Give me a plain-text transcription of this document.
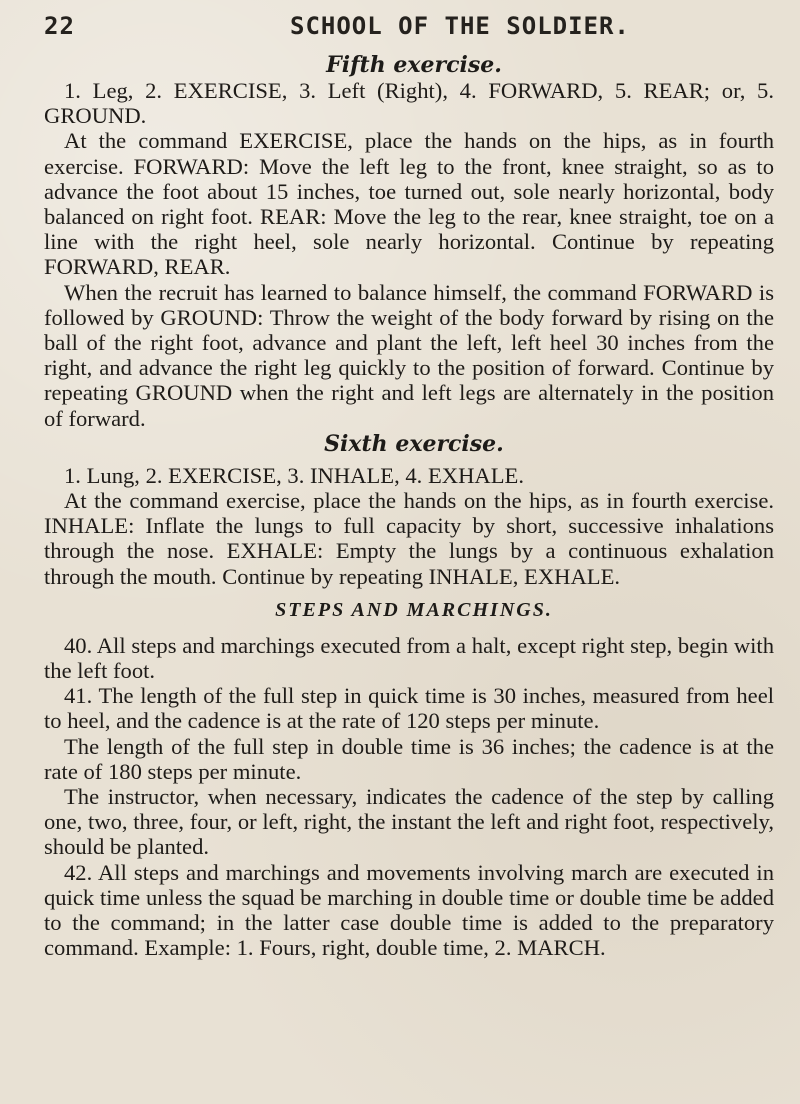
22	SCHOOL OF THE SOLDIER.
Fifth exercise.

1. Leg, 2. EXERCISE, 3. Left (Right), 4. FORWARD, 5. REAR; or, 5. GROUND.

At the command EXERCISE, place the hands on the hips, as in fourth exercise. FORWARD: Move the left leg to the front, knee straight, so as to advance the foot about 15 inches, toe turned out, sole nearly horizontal, body balanced on right foot. REAR: Move the leg to the rear, knee straight, toe on a line with the right heel, sole nearly horizontal. Continue by repeating FORWARD, REAR.

When the recruit has learned to balance himself, the command FORWARD is followed by GROUND: Throw the weight of the body forward by rising on the ball of the right foot, advance and plant the left, left heel 30 inches from the right, and advance the right leg quickly to the position of forward. Continue by repeating GROUND when the right and left legs are alternately in the position of forward.

Sixth exercise.

1. Lung, 2. EXERCISE, 3. INHALE, 4. EXHALE.

At the command exercise, place the hands on the hips, as in fourth exercise. INHALE: Inflate the lungs to full capacity by short, successive inhalations through the nose. EXHALE: Empty the lungs by a continuous exhalation through the mouth. Continue by repeating INHALE, EXHALE.

STEPS AND MARCHINGS.

40. All steps and marchings executed from a halt, except right step, begin with the left foot.

41. The length of the full step in quick time is 30 inches, measured from heel to heel, and the cadence is at the rate of 120 steps per minute.

The length of the full step in double time is 36 inches; the cadence is at the rate of 180 steps per minute.

The instructor, when necessary, indicates the cadence of the step by calling one, two, three, four, or left, right, the instant the left and right foot, respectively, should be planted.

42. All steps and marchings and movements involving march are executed in quick time unless the squad be marching in double time or double time be added to the command; in the latter case double time is added to the preparatory command. Example: 1. Fours, right, double time, 2. MARCH.
